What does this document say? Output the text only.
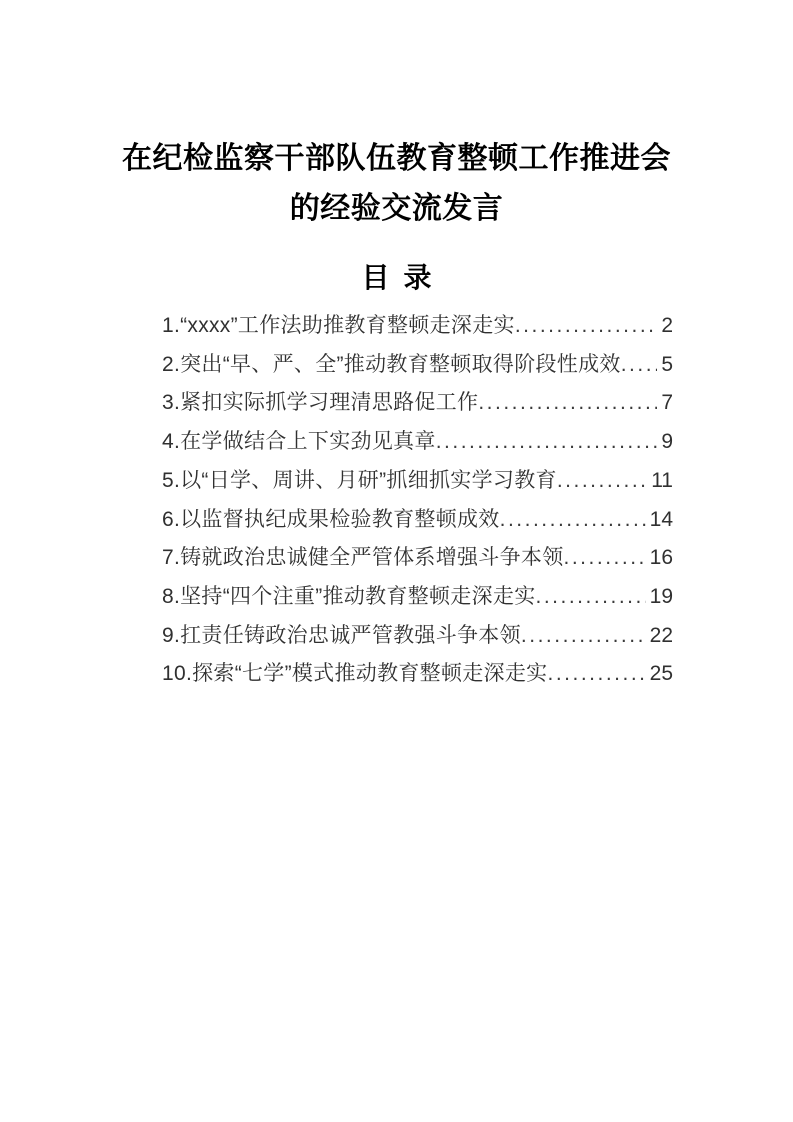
在纪检监察干部队伍教育整顿工作推进会
的经验交流发言
目 录
1.“xxxx”工作法助推教育整顿走深走实 .....	2
2.突出“早、严、全”推动教育整顿取得阶段性成效 ..... 5
3.紧扣实际抓学习理清思路促工作 .....	7
4.在学做结合上下实劲见真章 .....	9
5.以“日学、周讲、月研”抓细抓实学习教育 .....	11
6.以监督执纪成果检验教育整顿成效 .....	14
7.铸就政治忠诚健全严管体系增强斗争本领 .....	16
8.坚持“四个注重”推动教育整顿走深走实 .....	19
9.扛责任铸政治忠诚严管教强斗争本领 .....	22
10.探索“七学”模式推动教育整顿走深走实 .....	25
